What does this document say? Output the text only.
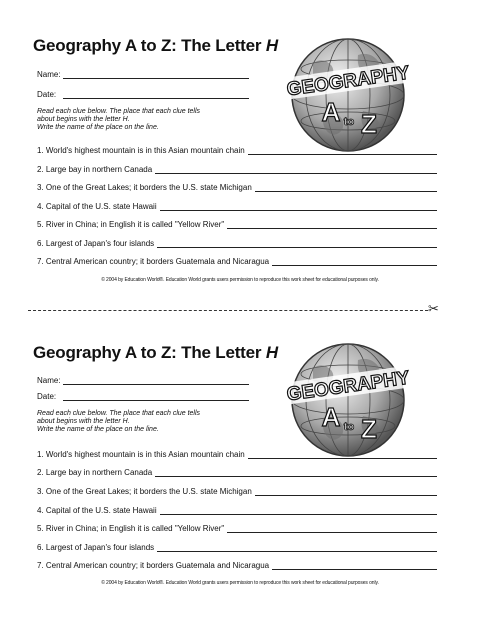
Geography A to Z: The Letter H
Name:
Date:
Read each clue below. The place that each clue tells
about begins with the letter H.
Write the name of the place on the line.
1. World's highest mountain is in this Asian mountain chain
2. Large bay in northern Canada
3. One of the Great Lakes; it borders the U.S. state Michigan
4. Capital of the U.S. state Hawaii
5. River in China; in English it is called "Yellow River"
6. Largest of Japan's four islands
7. Central American country; it borders Guatemala and Nicaragua
© 2004 by Education World®. Education World grants users permission to reproduce this work sheet for educational purposes only.
GEOGRAPHY
A to Z
✂
Geography A to Z: The Letter H
Name:
Date:
Read each clue below. The place that each clue tells
about begins with the letter H.
Write the name of the place on the line.
1. World's highest mountain is in this Asian mountain chain
2. Large bay in northern Canada
3. One of the Great Lakes; it borders the U.S. state Michigan
4. Capital of the U.S. state Hawaii
5. River in China; in English it is called "Yellow River"
6. Largest of Japan's four islands
7. Central American country; it borders Guatemala and Nicaragua
© 2004 by Education World®. Education World grants users permission to reproduce this work sheet for educational purposes only.
GEOGRAPHY
A to Z
